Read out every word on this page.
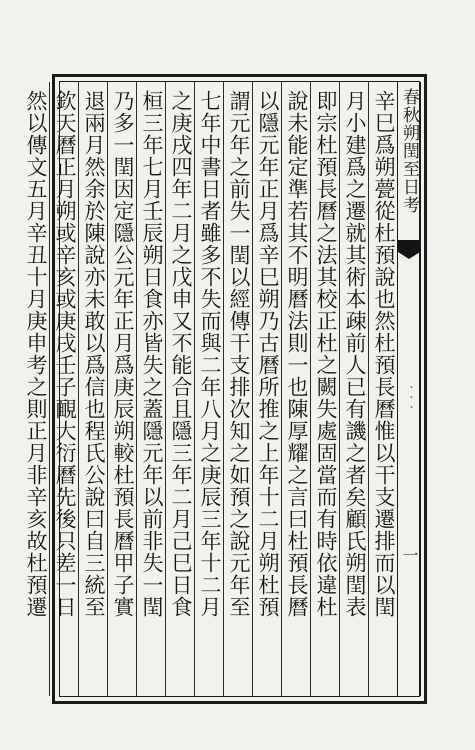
春秋朔閏至日考
・・・
一
辛巳爲朔甍從杜預說也然杜預長曆惟以干支遷排而以閏
月小建爲之遷就其術本疎前人已有譏之者矣顧氏朔閏表
即宗杜預長曆之法其校正杜之闕失處固當而有時依違杜
說未能定準若其不明曆法則一也陳厚耀之言曰杜預長曆
以隱元年正月爲辛巳朔乃古曆所推之上年十二月朔杜預
謂元年之前失一閏以經傳干支排次知之如預之說元年至
七年中書日者雖多不失而與二年八月之庚辰三年十二月
之庚戌四年二月之戊申又不能合且隱三年二月己巳日食
桓三年七月壬辰朔日食亦皆失之蓋隱元年以前非失一閏
乃多一閏因定隱公元年正月爲庚辰朔較杜預長曆甲子實
退兩月然余於陳說亦未敢以爲信也程氏公說曰自三統至
欽天曆正月朔或辛亥或庚戌壬子靦大衍曆先後只差一日
然以傳文五月辛丑十月庚申考之則正月非辛亥故杜預遷
